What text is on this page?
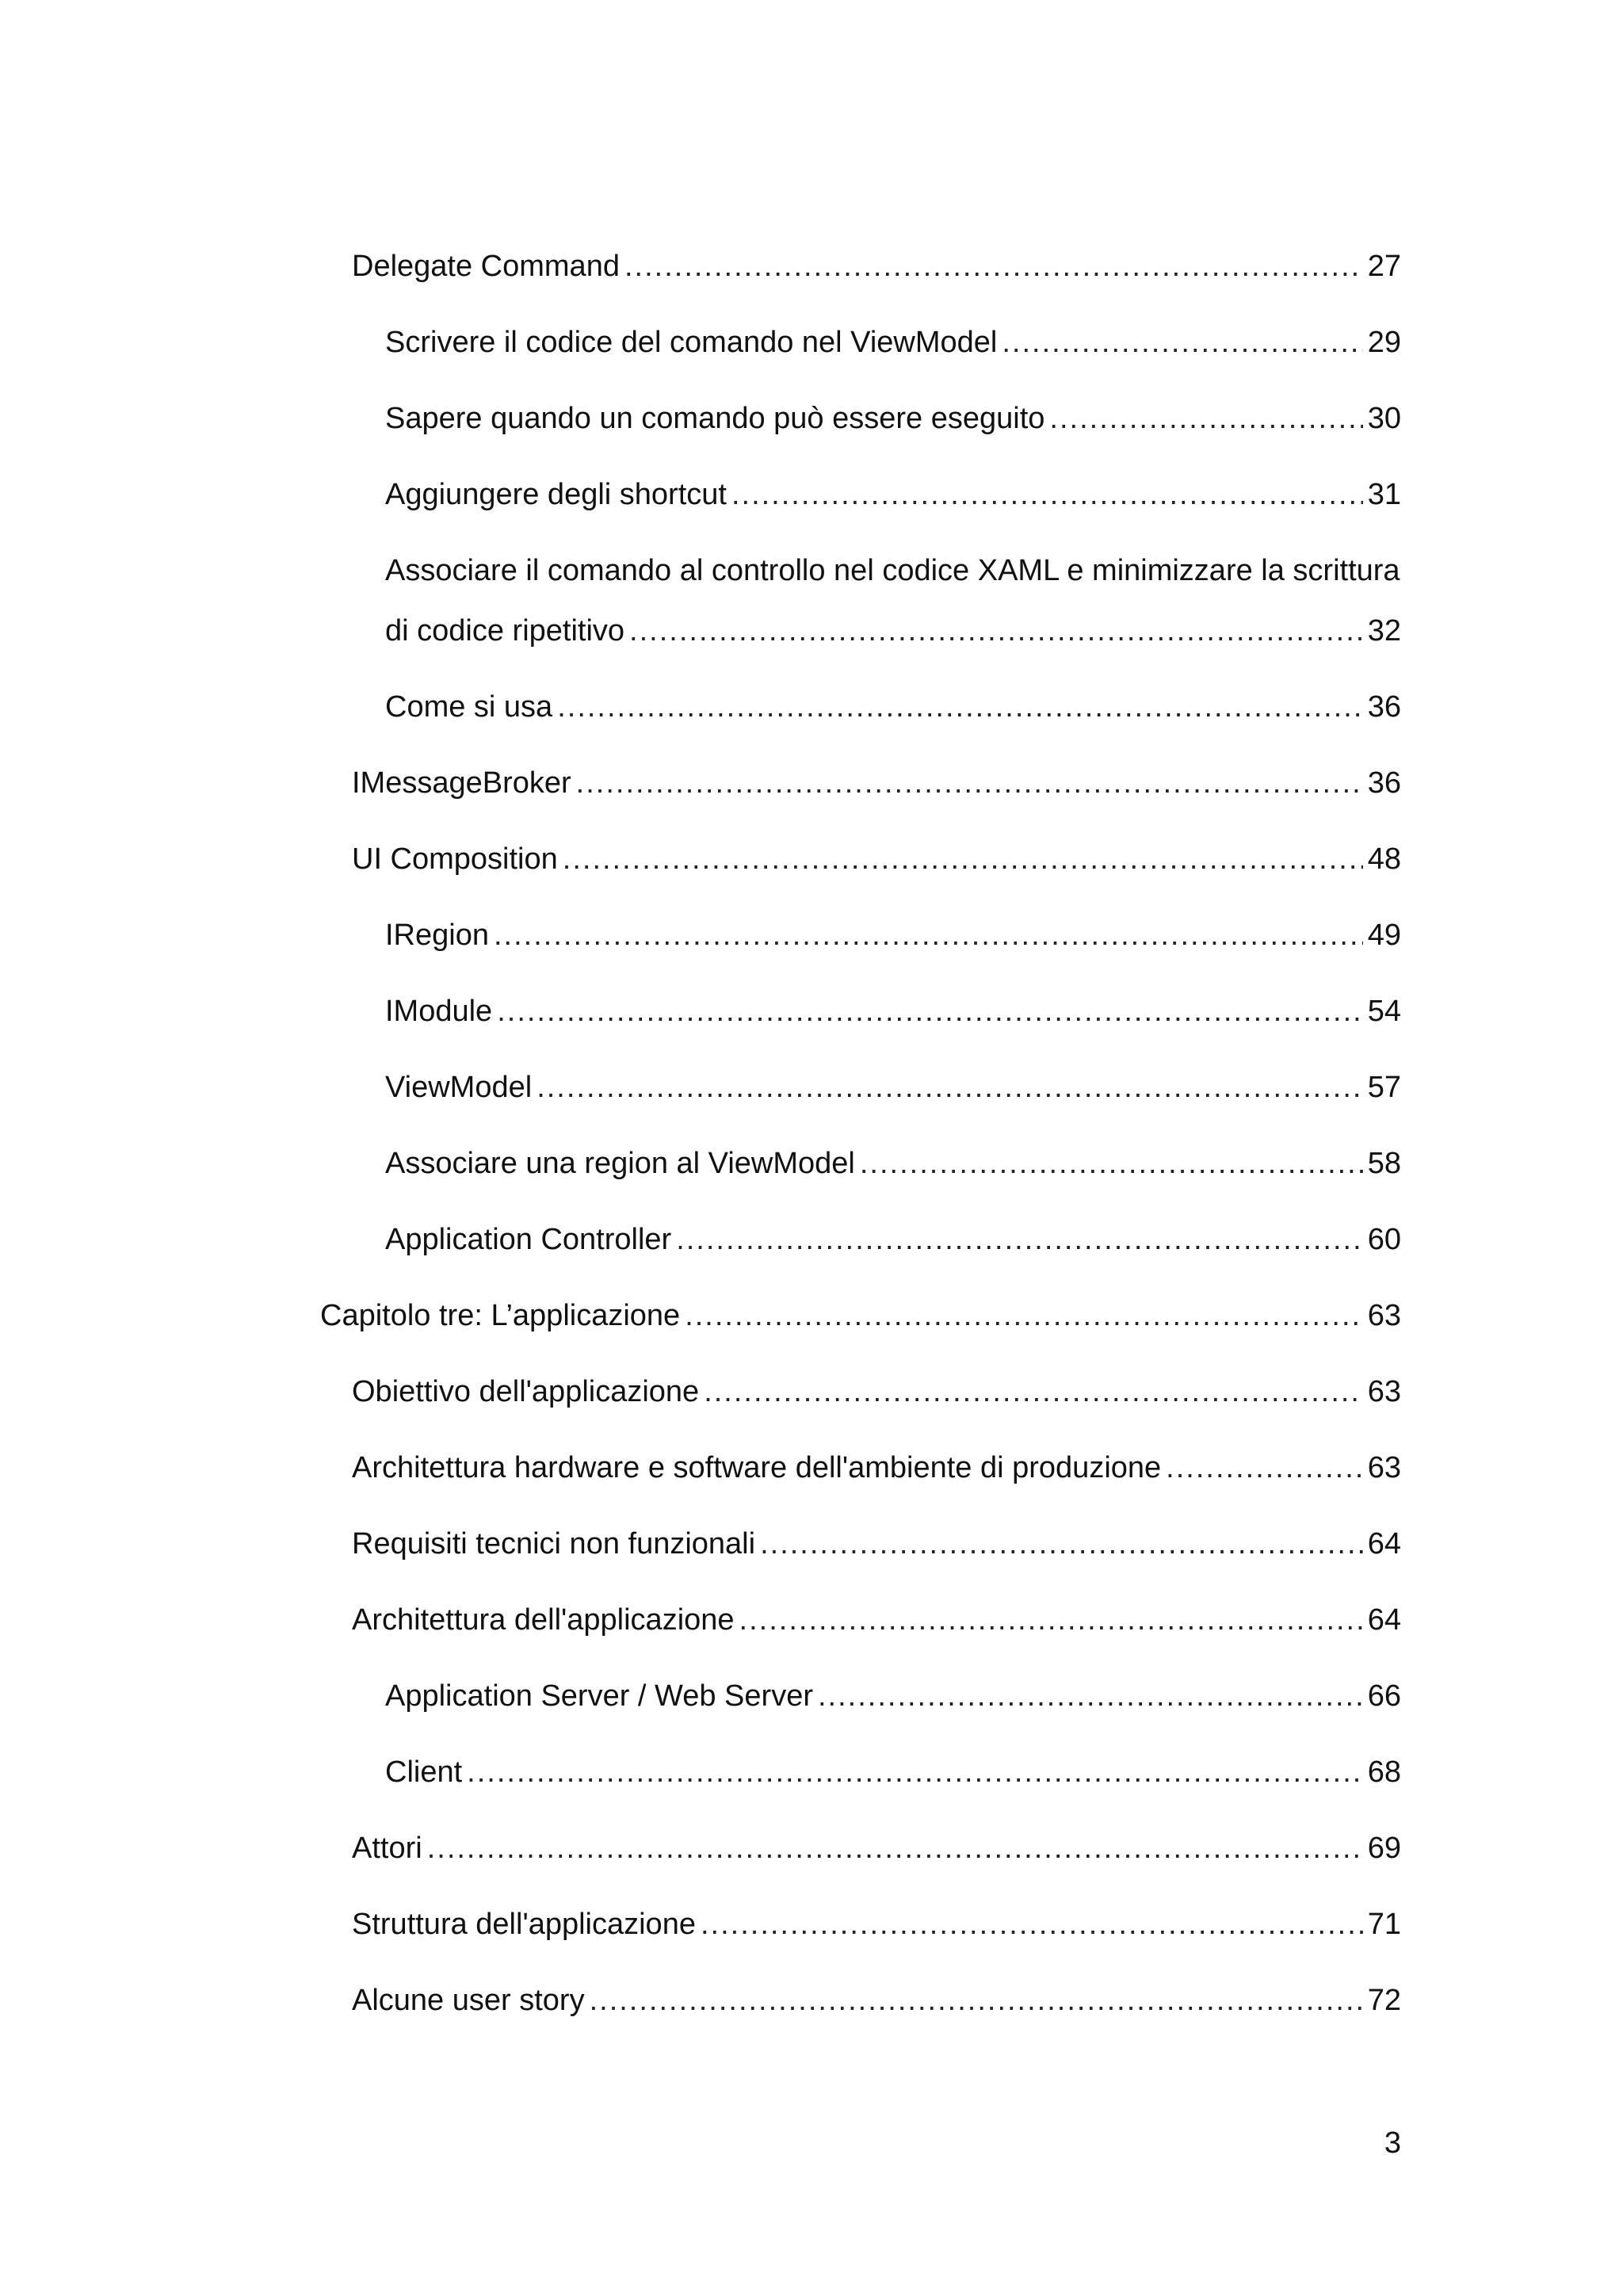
Delegate Command .....	27
Scrivere il codice del comando nel ViewModel .....	29
Sapere quando un comando può essere eseguito .....	30
Aggiungere degli shortcut .....	31
Associare il comando al controllo nel codice XAML e minimizzare la scrittura
di codice ripetitivo .....	32
Come si usa .....	36
IMessageBroker .....	36
UI Composition .....	48
IRegion .....	49
IModule .....	54
ViewModel .....	57
Associare una region al ViewModel .....	58
Application Controller .....	60
Capitolo tre: L’applicazione .....	63
Obiettivo dell'applicazione .....	63
Architettura hardware e software dell'ambiente di produzione .....	63
Requisiti tecnici non funzionali .....	64
Architettura dell'applicazione .....	64
Application Server / Web Server .....	66
Client .....	68
Attori .....	69
Struttura dell'applicazione .....	71
Alcune user story .....	72
3
